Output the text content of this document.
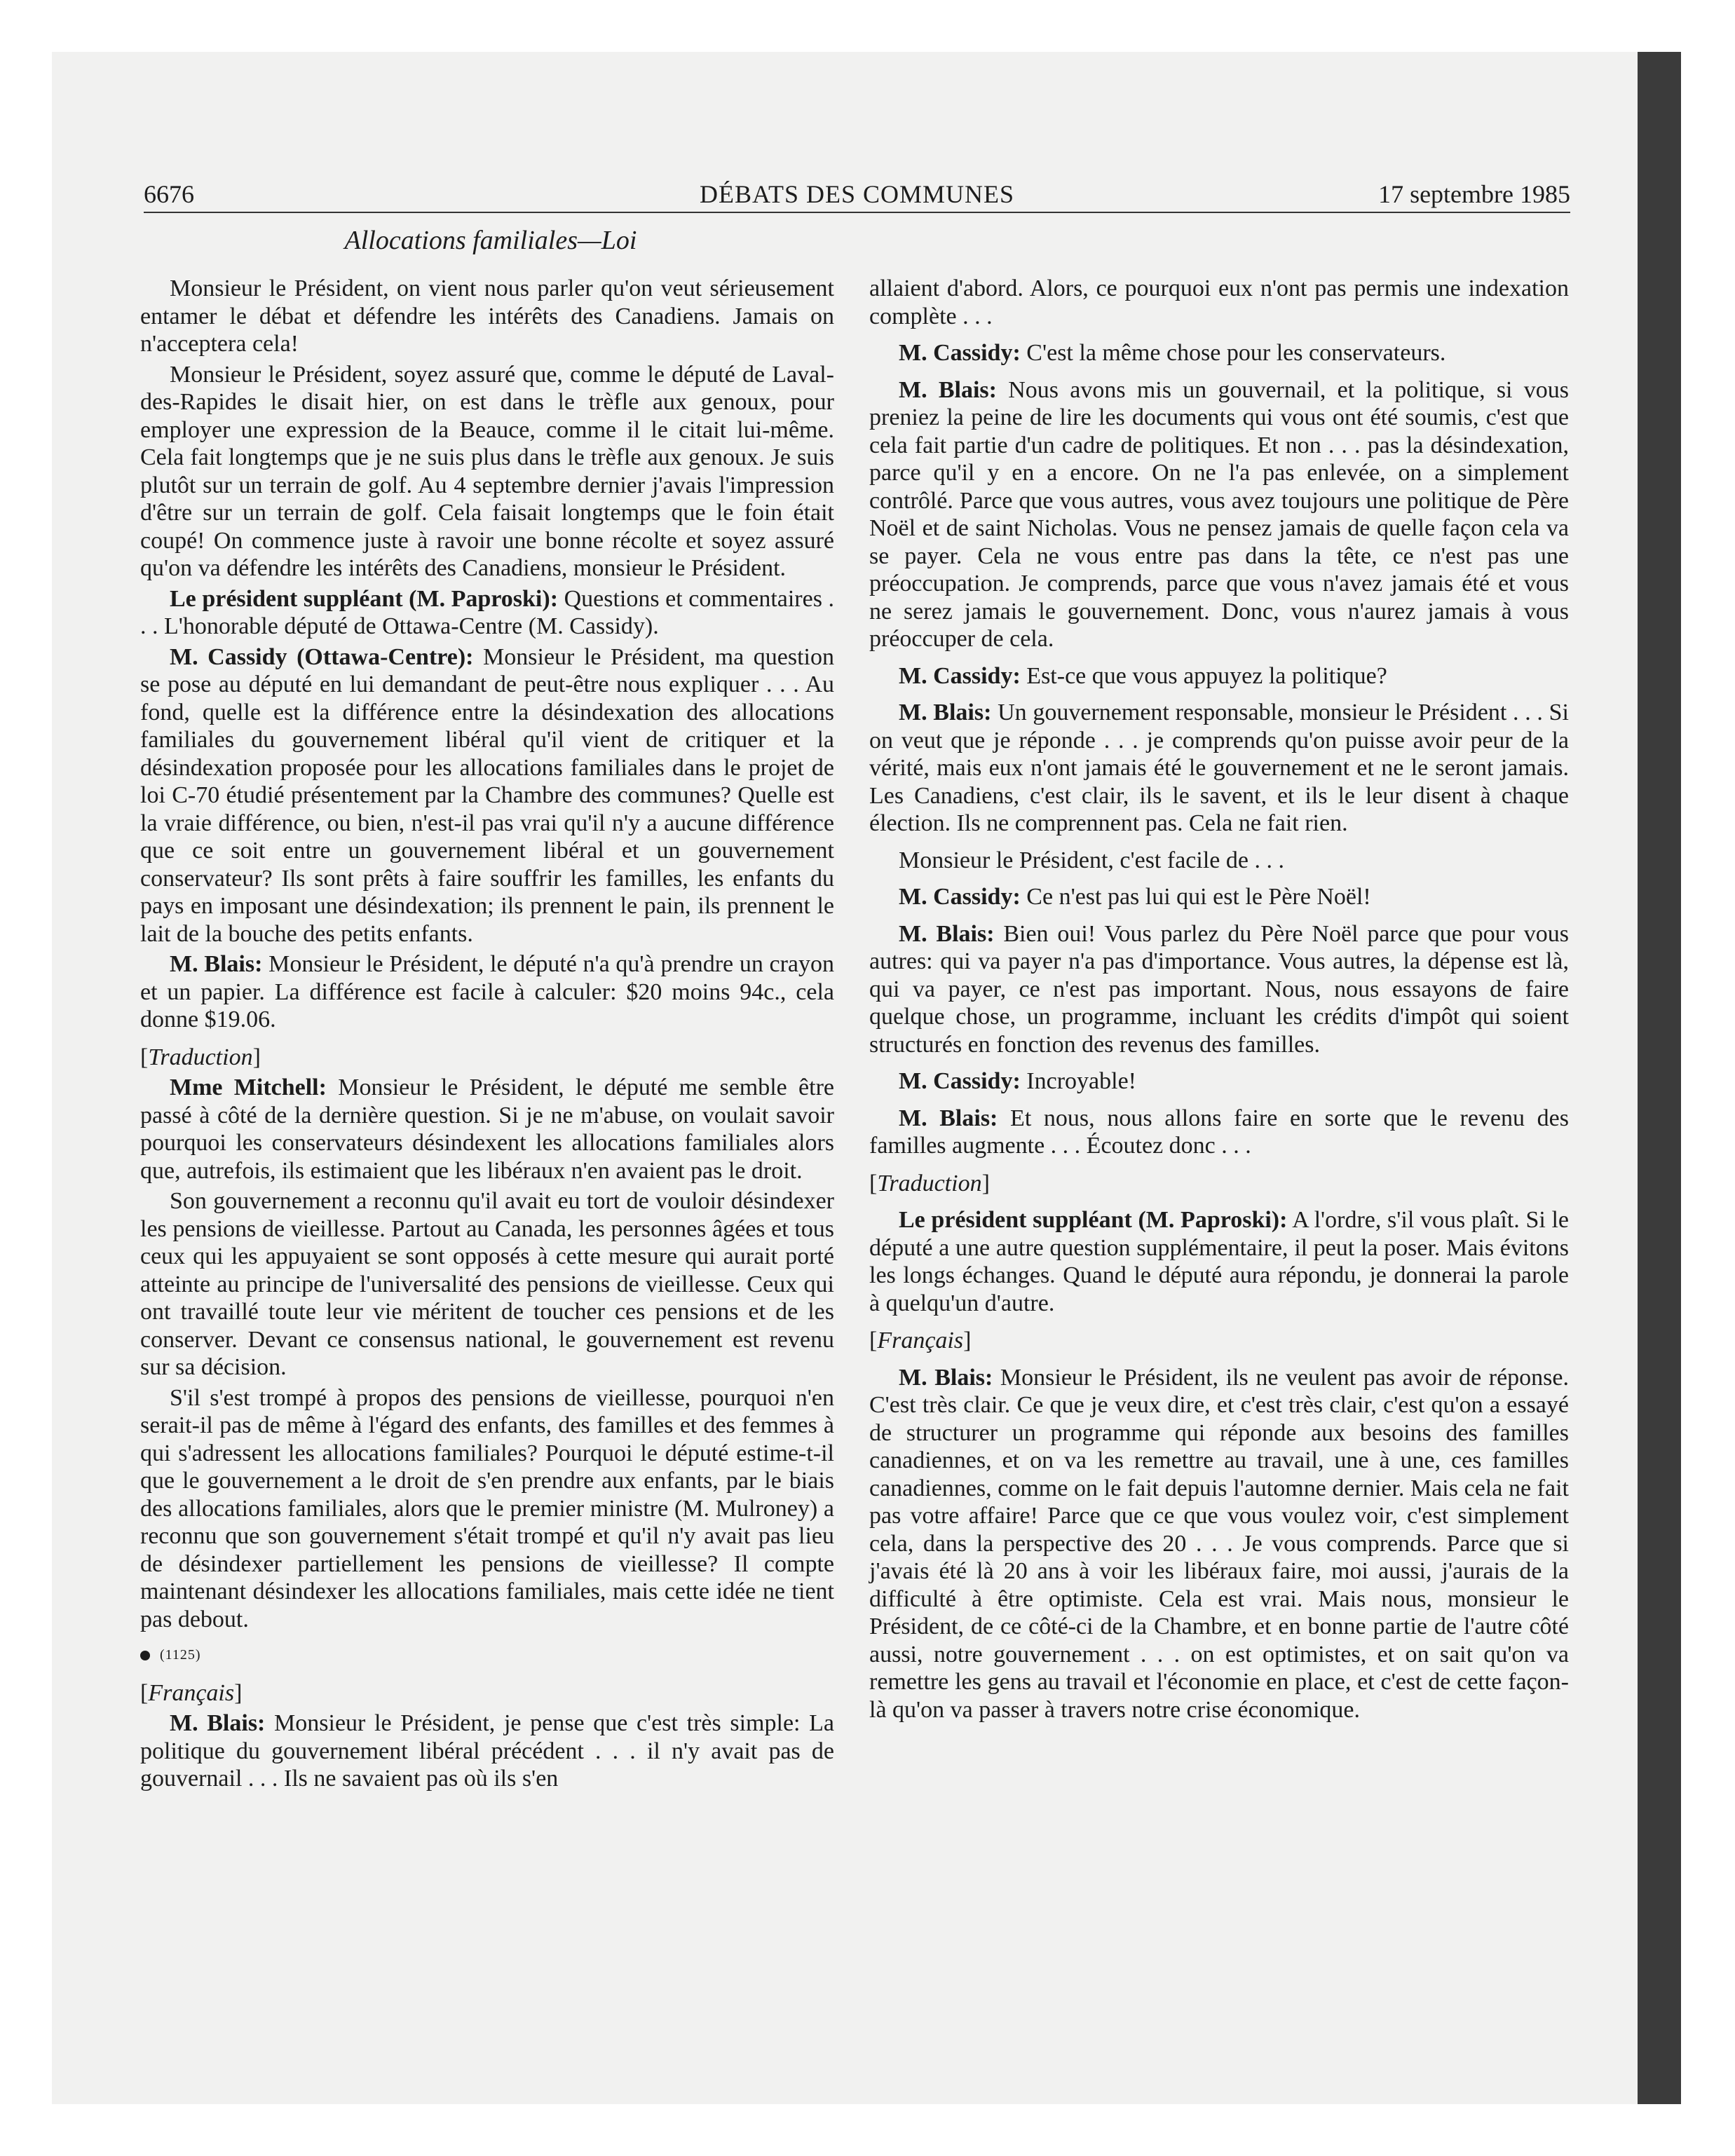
6676	DÉBATS DES COMMUNES	17 septembre 1985
Allocations familiales—Loi

Monsieur le Président, on vient nous parler qu'on veut sérieusement entamer le débat et défendre les intérêts des Canadiens. Jamais on n'acceptera cela!

Monsieur le Président, soyez assuré que, comme le député de Laval-des-Rapides le disait hier, on est dans le trèfle aux genoux, pour employer une expression de la Beauce, comme il le citait lui-même. Cela fait longtemps que je ne suis plus dans le trèfle aux genoux. Je suis plutôt sur un terrain de golf. Au 4 septembre dernier j'avais l'impression d'être sur un terrain de golf. Cela faisait longtemps que le foin était coupé! On commence juste à ravoir une bonne récolte et soyez assuré qu'on va défendre les intérêts des Canadiens, monsieur le Président.

Le président suppléant (M. Paproski): Questions et commentaires . . . L'honorable député de Ottawa-Centre (M. Cassidy).

M. Cassidy (Ottawa-Centre): Monsieur le Président, ma question se pose au député en lui demandant de peut-être nous expliquer . . . Au fond, quelle est la différence entre la désindexation des allocations familiales du gouvernement libéral qu'il vient de critiquer et la désindexation proposée pour les allocations familiales dans le projet de loi C-70 étudié présentement par la Chambre des communes? Quelle est la vraie différence, ou bien, n'est-il pas vrai qu'il n'y a aucune différence que ce soit entre un gouvernement libéral et un gouvernement conservateur? Ils sont prêts à faire souffrir les familles, les enfants du pays en imposant une désindexation; ils prennent le pain, ils prennent le lait de la bouche des petits enfants.

M. Blais: Monsieur le Président, le député n'a qu'à prendre un crayon et un papier. La différence est facile à calculer: $20 moins 94c., cela donne $19.06.

[Traduction]

Mme Mitchell: Monsieur le Président, le député me semble être passé à côté de la dernière question. Si je ne m'abuse, on voulait savoir pourquoi les conservateurs désindexent les allocations familiales alors que, autrefois, ils estimaient que les libéraux n'en avaient pas le droit.

Son gouvernement a reconnu qu'il avait eu tort de vouloir désindexer les pensions de vieillesse. Partout au Canada, les personnes âgées et tous ceux qui les appuyaient se sont opposés à cette mesure qui aurait porté atteinte au principe de l'universalité des pensions de vieillesse. Ceux qui ont travaillé toute leur vie méritent de toucher ces pensions et de les conserver. Devant ce consensus national, le gouvernement est revenu sur sa décision.

S'il s'est trompé à propos des pensions de vieillesse, pourquoi n'en serait-il pas de même à l'égard des enfants, des familles et des femmes à qui s'adressent les allocations familiales? Pourquoi le député estime-t-il que le gouvernement a le droit de s'en prendre aux enfants, par le biais des allocations familiales, alors que le premier ministre (M. Mulroney) a reconnu que son gouvernement s'était trompé et qu'il n'y avait pas lieu de désindexer partiellement les pensions de vieillesse? Il compte maintenant désindexer les allocations familiales, mais cette idée ne tient pas debout.

(1125)

[Français]

M. Blais: Monsieur le Président, je pense que c'est très simple: La politique du gouvernement libéral précédent . . . il n'y avait pas de gouvernail . . . Ils ne savaient pas où ils s'en

allaient d'abord. Alors, ce pourquoi eux n'ont pas permis une indexation complète . . .

M. Cassidy: C'est la même chose pour les conservateurs.

M. Blais: Nous avons mis un gouvernail, et la politique, si vous preniez la peine de lire les documents qui vous ont été soumis, c'est que cela fait partie d'un cadre de politiques. Et non . . . pas la désindexation, parce qu'il y en a encore. On ne l'a pas enlevée, on a simplement contrôlé. Parce que vous autres, vous avez toujours une politique de Père Noël et de saint Nicholas. Vous ne pensez jamais de quelle façon cela va se payer. Cela ne vous entre pas dans la tête, ce n'est pas une préoccupation. Je comprends, parce que vous n'avez jamais été et vous ne serez jamais le gouvernement. Donc, vous n'aurez jamais à vous préoccuper de cela.

M. Cassidy: Est-ce que vous appuyez la politique?

M. Blais: Un gouvernement responsable, monsieur le Président . . . Si on veut que je réponde . . . je comprends qu'on puisse avoir peur de la vérité, mais eux n'ont jamais été le gouvernement et ne le seront jamais. Les Canadiens, c'est clair, ils le savent, et ils le leur disent à chaque élection. Ils ne comprennent pas. Cela ne fait rien.

Monsieur le Président, c'est facile de . . .

M. Cassidy: Ce n'est pas lui qui est le Père Noël!

M. Blais: Bien oui! Vous parlez du Père Noël parce que pour vous autres: qui va payer n'a pas d'importance. Vous autres, la dépense est là, qui va payer, ce n'est pas important. Nous, nous essayons de faire quelque chose, un programme, incluant les crédits d'impôt qui soient structurés en fonction des revenus des familles.

M. Cassidy: Incroyable!

M. Blais: Et nous, nous allons faire en sorte que le revenu des familles augmente . . . Écoutez donc . . .

[Traduction]

Le président suppléant (M. Paproski): A l'ordre, s'il vous plaît. Si le député a une autre question supplémentaire, il peut la poser. Mais évitons les longs échanges. Quand le député aura répondu, je donnerai la parole à quelqu'un d'autre.

[Français]

M. Blais: Monsieur le Président, ils ne veulent pas avoir de réponse. C'est très clair. Ce que je veux dire, et c'est très clair, c'est qu'on a essayé de structurer un programme qui réponde aux besoins des familles canadiennes, et on va les remettre au travail, une à une, ces familles canadiennes, comme on le fait depuis l'automne dernier. Mais cela ne fait pas votre affaire! Parce que ce que vous voulez voir, c'est simplement cela, dans la perspective des 20 . . . Je vous comprends. Parce que si j'avais été là 20 ans à voir les libéraux faire, moi aussi, j'aurais de la difficulté à être optimiste. Cela est vrai. Mais nous, monsieur le Président, de ce côté-ci de la Chambre, et en bonne partie de l'autre côté aussi, notre gouvernement . . . on est optimistes, et on sait qu'on va remettre les gens au travail et l'économie en place, et c'est de cette façon-là qu'on va passer à travers notre crise économique.
